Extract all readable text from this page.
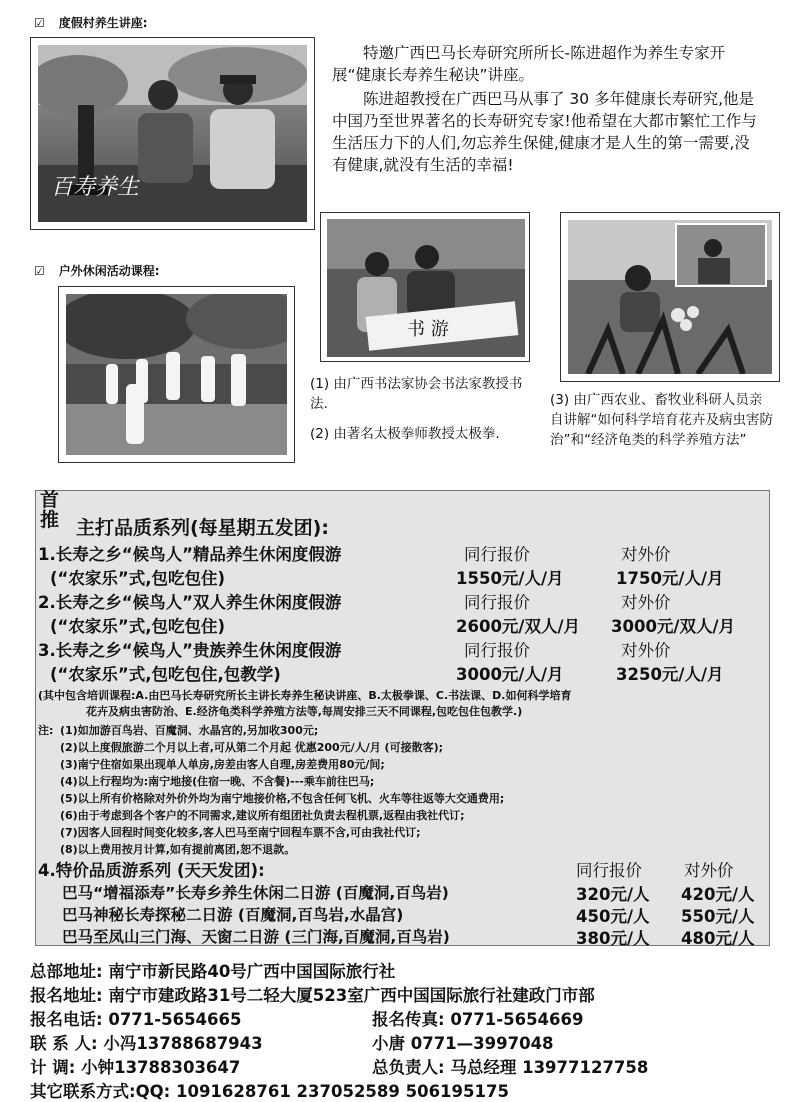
☑ 度假村养生讲座:
百寿养生
特邀广西巴马长寿研究所所长-陈进超作为养生专家开展“健康长寿养生秘诀”讲座。
陈进超教授在广西巴马从事了 30 多年健康长寿研究,他是中国乃至世界著名的长寿研究专家!他希望在大都市繁忙工作与生活压力下的人们,勿忘养生保健,健康才是人生的第一需要,没有健康,就没有生活的幸福!
☑ 户外休闲活动课程:
书 游
(1) 由广西书法家协会书法家教授书法.
(2) 由著名太极拳师教授太极拳.
(3) 由广西农业、畜牧业科研人员亲自讲解“如何科学培育花卉及病虫害防治”和“经济龟类的科学养殖方法”
首
推 主打品质系列(每星期五发团):
1.长寿之乡“候鸟人”精品养生休闲度假游	同行报价	对外价
(“农家乐”式,包吃包住)	1550元/人/月	1750元/人/月
2.长寿之乡“候鸟人”双人养生休闲度假游	同行报价	对外价
(“农家乐”式,包吃包住)	2600元/双人/月 3000元/双人/月
3.长寿之乡“候鸟人”贵族养生休闲度假游	同行报价	对外价
(“农家乐”式,包吃包住,包教学)	3000元/人/月	3250元/人/月
(其中包含培训课程:A.由巴马长寿研究所长主讲长寿养生秘诀讲座、B.太极拳课、C.书法课、D.如何科学培育
花卉及病虫害防治、E.经济龟类科学养殖方法等,每周安排三天不同课程,包吃包住包教学.)
注: (1)如加游百鸟岩、百魔洞、水晶宫的,另加收300元;
(2)以上度假旅游二个月以上者,可从第二个月起 优惠200元/人/月 (可接散客);
(3)南宁住宿如果出现单人单房,房差由客人自理,房差费用80元/间;
(4)以上行程均为:南宁地接(住宿一晚、不含餐)---乘车前往巴马;
(5)以上所有价格除对外价外均为南宁地接价格,不包含任何飞机、火车等往返等大交通费用;
(6)由于考虑到各个客户的不同需求,建议所有组团社负责去程机票,返程由我社代订;
(7)因客人回程时间变化较多,客人巴马至南宁回程车票不含,可由我社代订;
(8)以上费用按月计算,如有提前离团,恕不退款。
4.特价品质游系列 (天天发团):	同行报价	对外价
巴马“增福添寿”长寿乡养生休闲二日游 (百魔洞,百鸟岩)	320元/人 420元/人
巴马神秘长寿探秘二日游 (百魔洞,百鸟岩,水晶宫)	450元/人 550元/人
巴马至凤山三门海、天窗二日游 (三门海,百魔洞,百鸟岩)	380元/人 480元/人
总部地址: 南宁市新民路40号广西中国国际旅行社
报名地址: 南宁市建政路31号二轻大厦523室广西中国国际旅行社建政门市部
报名电话: 0771-5654665	报名传真: 0771-5654669
联 系 人: 小冯13788687943	小唐 0771—3997048
计 调: 小钟13788303647	总负责人: 马总经理 13977127758
其它联系方式:QQ: 1091628761 237052589 506195175
